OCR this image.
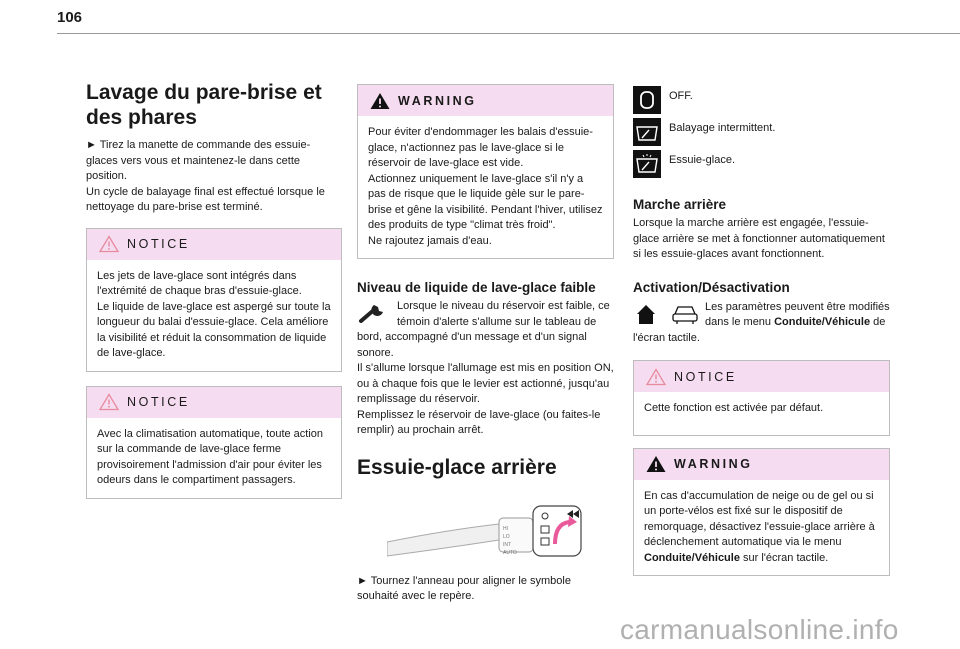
106
Lavage du pare-brise et des phares

► Tirez la manette de commande des essuie-glaces vers vous et maintenez-le dans cette position.

Un cycle de balayage final est effectué lorsque le nettoyage du pare-brise est terminé.

NOTICE

Les jets de lave-glace sont intégrés dans l'extrémité de chaque bras d'essuie-glace.

Le liquide de lave-glace est aspergé sur toute la longueur du balai d'essuie-glace. Cela améliore la visibilité et réduit la consommation de liquide de lave-glace.

NOTICE

Avec la climatisation automatique, toute action sur la commande de lave-glace ferme provisoirement l'admission d'air pour éviter les odeurs dans le compartiment passagers.

WARNING

Pour éviter d'endommager les balais d'essuie-glace, n'actionnez pas le lave-glace si le réservoir de lave-glace est vide.

Actionnez uniquement le lave-glace s'il n'y a pas de risque que le liquide gèle sur le pare-brise et gêne la visibilité. Pendant l'hiver, utilisez des produits de type "climat très froid".

Ne rajoutez jamais d'eau.

Niveau de liquide de lave-glace faible

Lorsque le niveau du réservoir est faible, ce témoin d'alerte s'allume sur le tableau de bord, accompagné d'un message et d'un signal sonore.

Il s'allume lorsque l'allumage est mis en position ON, ou à chaque fois que le levier est actionné, jusqu'au remplissage du réservoir.

Remplissez le réservoir de lave-glace (ou faites-le remplir) au prochain arrêt.

Essuie-glace arrière
HI
LO
INT
AUTO

► Tournez l'anneau pour aligner le symbole souhaité avec le repère.

OFF.
Balayage intermittent.
Essuie-glace.
Marche arrière

Lorsque la marche arrière est engagée, l'essuie-glace arrière se met à fonctionner automatiquement si les essuie-glaces avant fonctionnent.

Activation/Désactivation

Les paramètres peuvent être modifiés dans le menu Conduite/Véhicule de l'écran tactile.

NOTICE

Cette fonction est activée par défaut.

WARNING

En cas d'accumulation de neige ou de gel ou si un porte-vélos est fixé sur le dispositif de remorquage, désactivez l'essuie-glace arrière à déclenchement automatique via le menu Conduite/Véhicule sur l'écran tactile.

carmanualsonline.info
